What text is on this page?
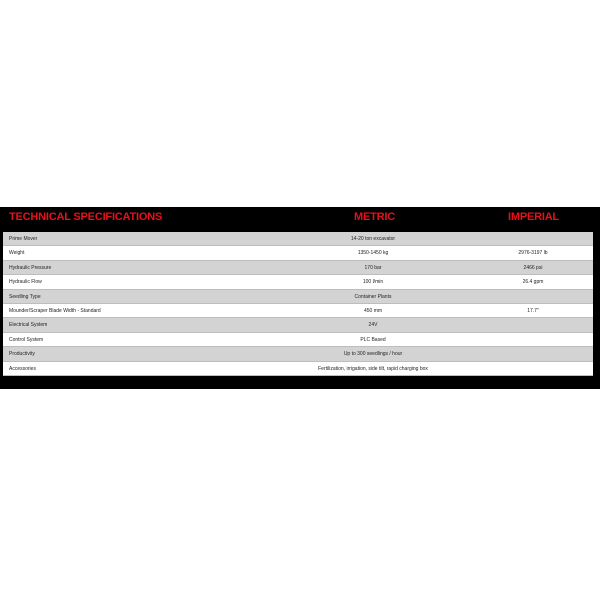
TECHNICAL SPECIFICATIONS	METRIC	IMPERIAL
Prime Mover	14-20 ton excavator
Weight	1350-1450 kg	2976-3197 lb
Hydraulic Pressure	170 bar	2466 psi
Hydraulic Flow	100 l/min	26.4 gpm
Seedling Type	Container Plants
Mounder/Scraper Blade Width - Standard	450 mm	17.7"
Electrical System	24V
Control System	PLC Based
Productivity	Up to 300 seedlings / hour
Accessories	Fertilization, irrigation, side tilt, rapid charging box
